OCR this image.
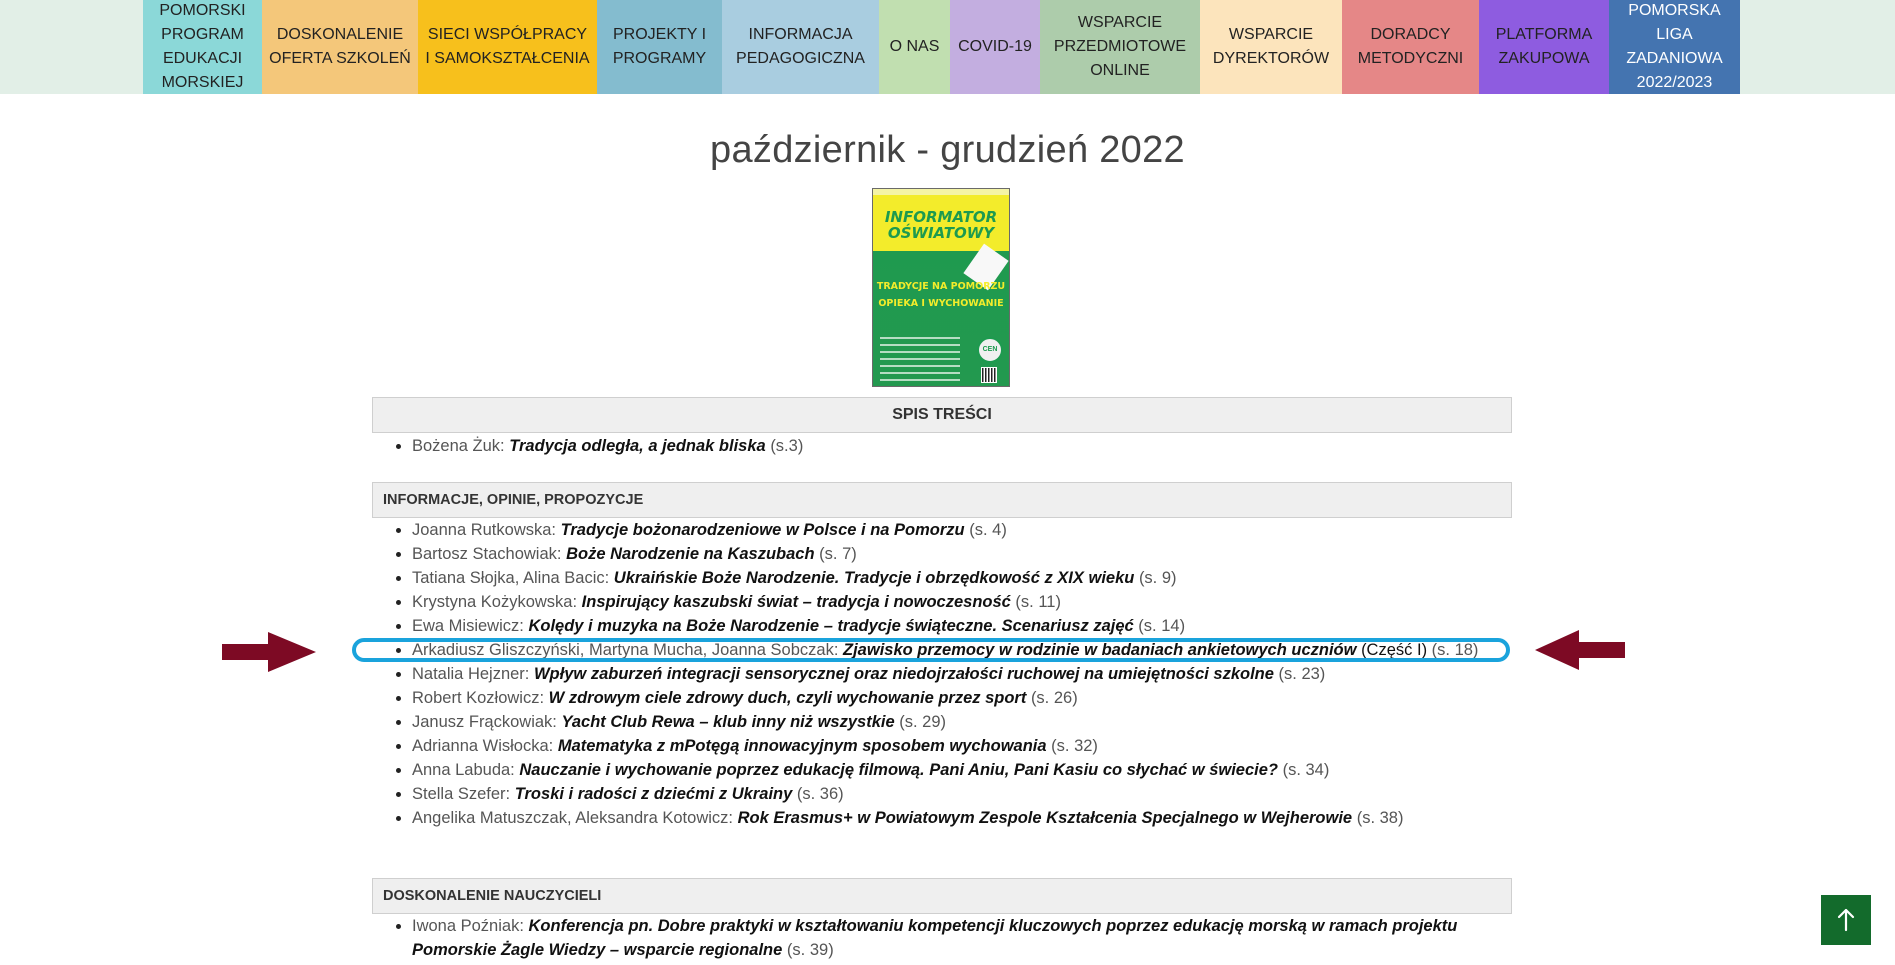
POMORSKI PROGRAM EDUKACJI MORSKIEJ
DOSKONALENIE OFERTA SZKOLEŃ
SIECI WSPÓŁPRACY I SAMOKSZTAŁCENIA
PROJEKTY I PROGRAMY
INFORMACJA PEDAGOGICZNA
O NAS COVID-19
WSPARCIE PRZEDMIOTOWE ONLINE
WSPARCIE DYREKTORÓW
DORADCY METODYCZNI
PLATFORMA ZAKUPOWA
POMORSKA LIGA ZADANIOWA 2022/2023
październik - grudzień 2022
INFORMATOR
OŚWIATOWY
TRADYCJE NA POMORZU
OPIEKA I WYCHOWANIE
CEN
SPIS TREŚCI
• Bożena Żuk: Tradycja odległa, a jednak bliska (s.3)
INFORMACJE, OPINIE, PROPOZYCJE
• Joanna Rutkowska: Tradycje bożonarodzeniowe w Polsce i na Pomorzu (s. 4)
• Bartosz Stachowiak: Boże Narodzenie na Kaszubach (s. 7)
• Tatiana Słojka, Alina Bacic: Ukraińskie Boże Narodzenie. Tradycje i obrzędkowość z XIX wieku (s. 9)
• Krystyna Kożykowska: Inspirujący kaszubski świat – tradycja i nowoczesność (s. 11)
• Ewa Misiewicz: Kolędy i muzyka na Boże Narodzenie – tradycje świąteczne. Scenariusz zajęć (s. 14)
• Arkadiusz Gliszczyński, Martyna Mucha, Joanna Sobczak: Zjawisko przemocy w rodzinie w badaniach ankietowych uczniów (Część I) (s. 18)
• Natalia Hejzner: Wpływ zaburzeń integracji sensorycznej oraz niedojrzałości ruchowej na umiejętności szkolne (s. 23)
• Robert Kozłowicz: W zdrowym ciele zdrowy duch, czyli wychowanie przez sport (s. 26)
• Janusz Frąckowiak: Yacht Club Rewa – klub inny niż wszystkie (s. 29)
• Adrianna Wisłocka: Matematyka z mPotęgą innowacyjnym sposobem wychowania (s. 32)
• Anna Labuda: Nauczanie i wychowanie poprzez edukację filmową. Pani Aniu, Pani Kasiu co słychać w świecie? (s. 34)
• Stella Szefer: Troski i radości z dziećmi z Ukrainy (s. 36)
• Angelika Matuszczak, Aleksandra Kotowicz: Rok Erasmus+ w Powiatowym Zespole Kształcenia Specjalnego w Wejherowie (s. 38)
DOSKONALENIE NAUCZYCIELI
• Iwona Poźniak: Konferencja pn. Dobre praktyki w kształtowaniu kompetencji kluczowych poprzez edukację morską w ramach projektu
Pomorskie Żagle Wiedzy – wsparcie regionalne (s. 39)
